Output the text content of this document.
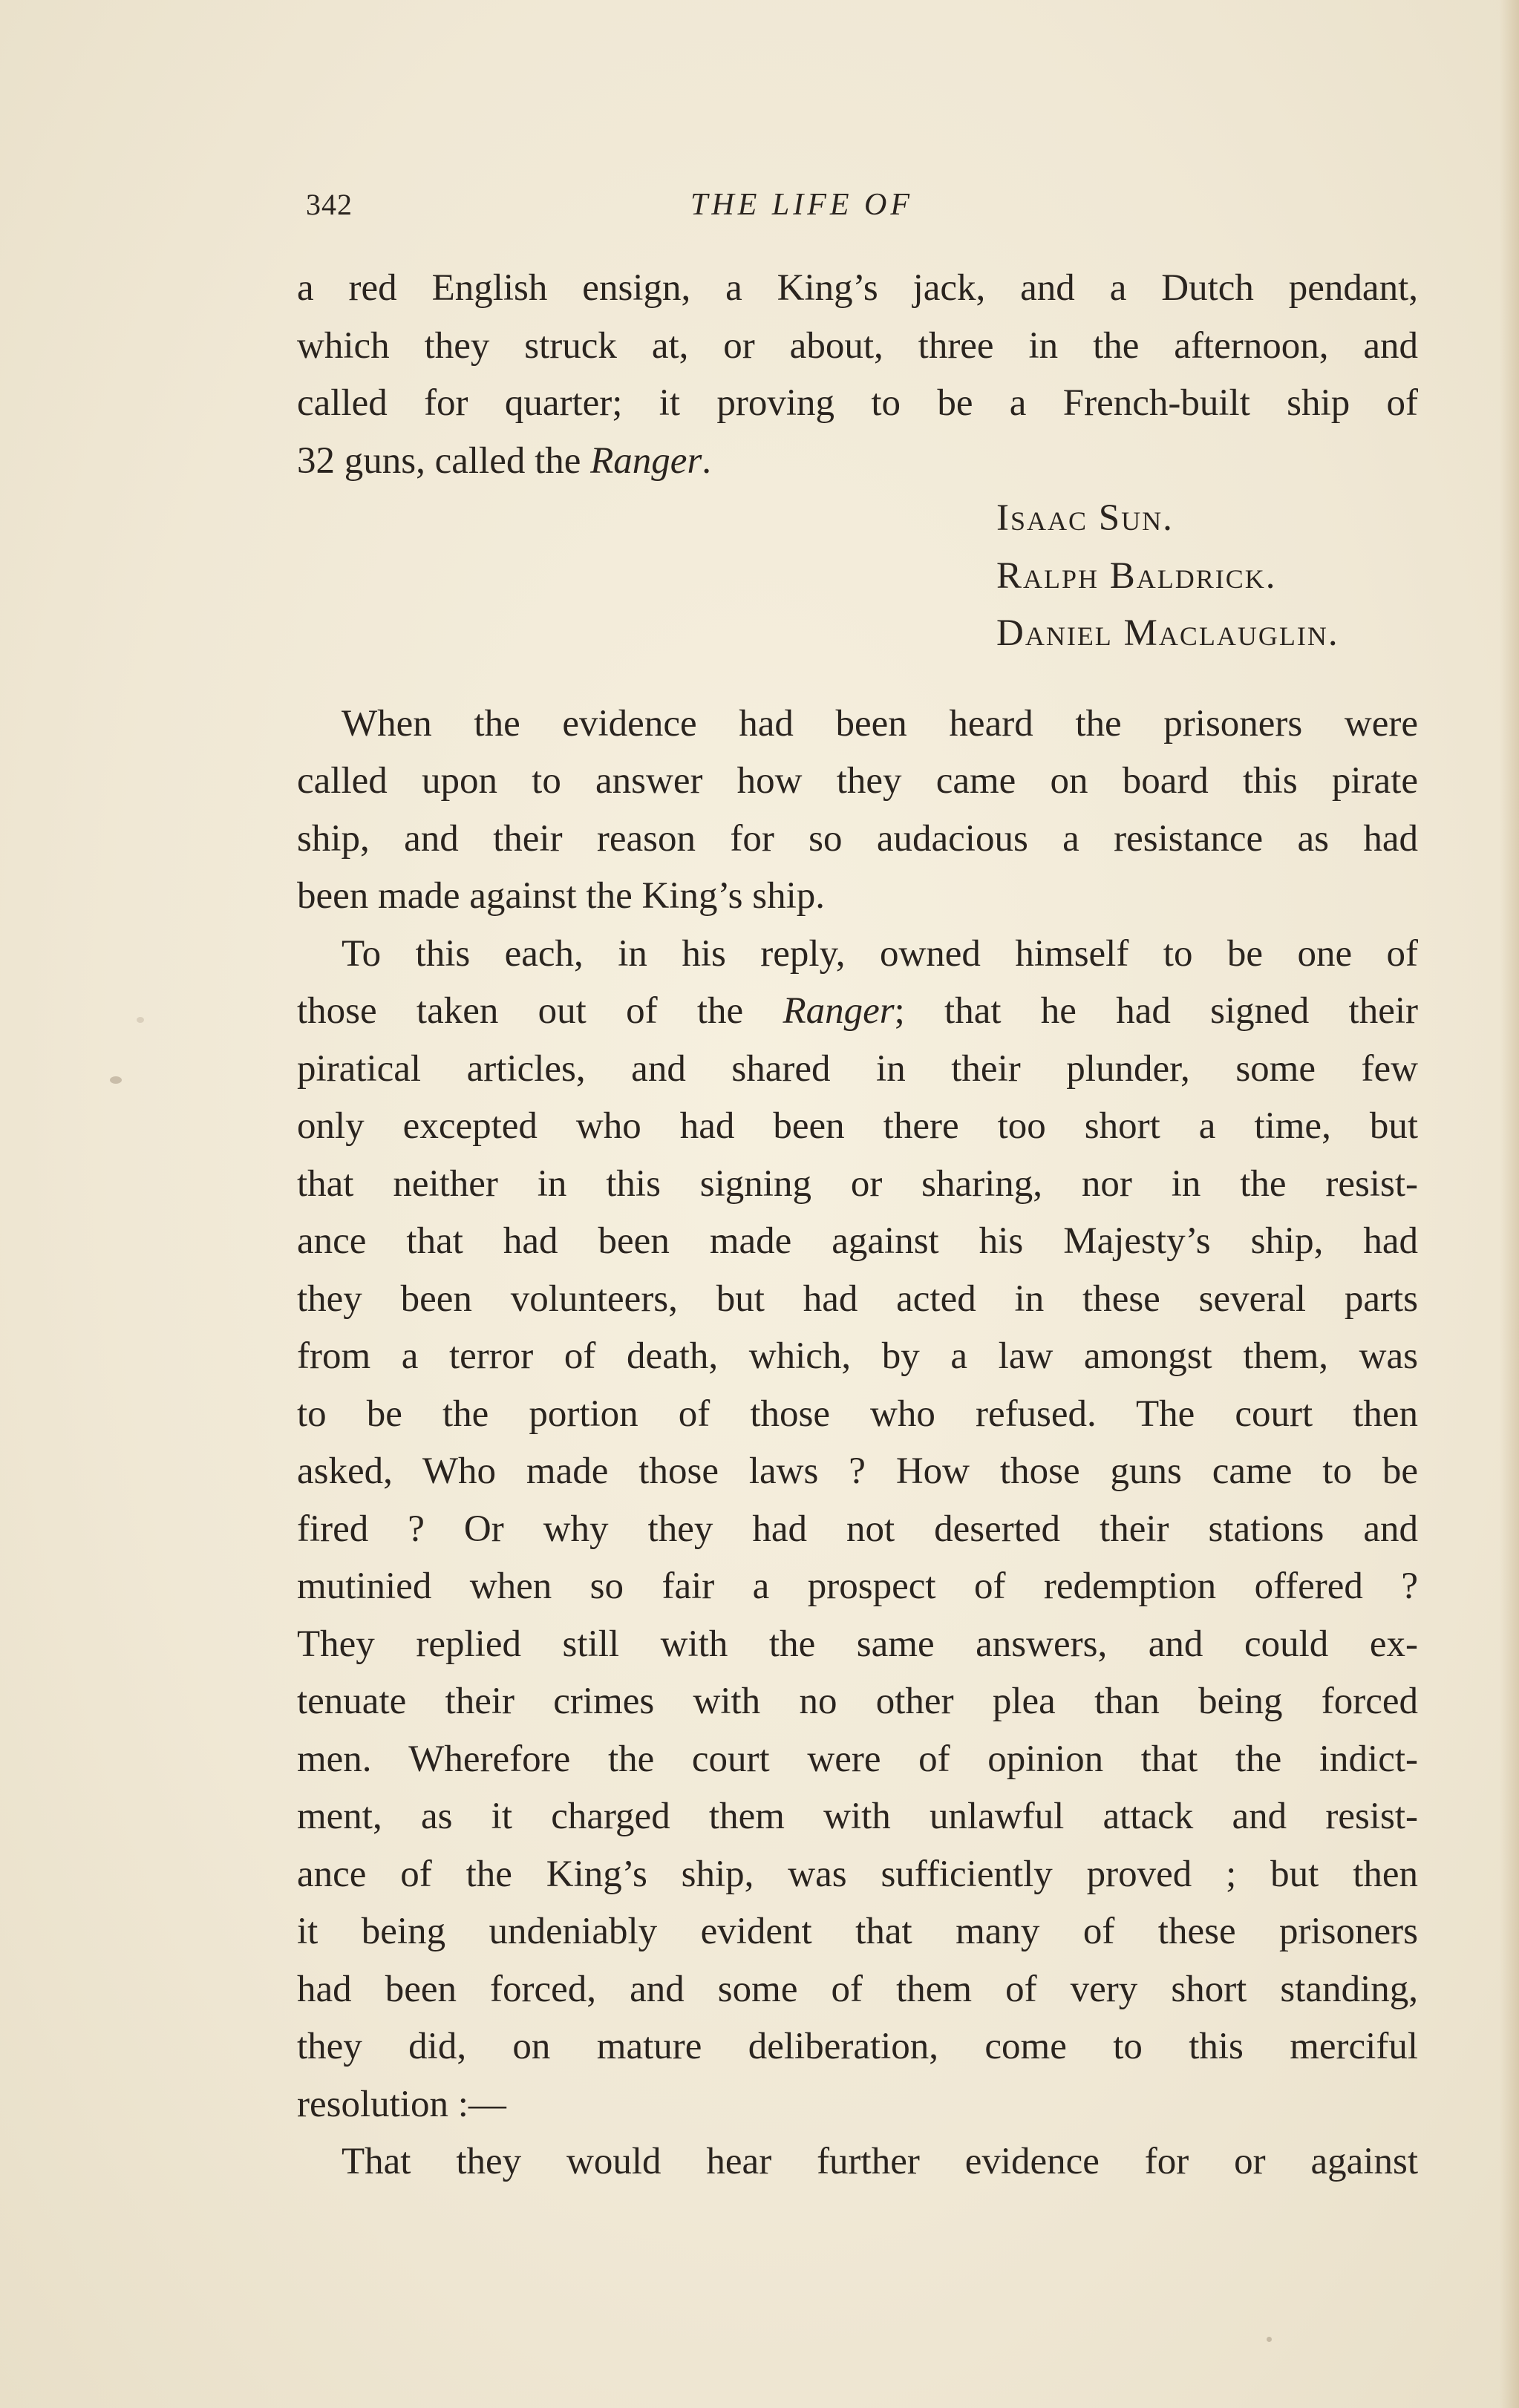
342	THE LIFE OF
a red English ensign, a King’s jack, and a Dutch pendant,
which they struck at, or about, three in the afternoon, and
called for quarter; it proving to be a French-built ship of
32 guns, called the Ranger.
Isaac Sun.
Ralph Baldrick.
Daniel Maclauglin.
When the evidence had been heard the prisoners were
called upon to answer how they came on board this pirate
ship, and their reason for so audacious a resistance as had
been made against the King’s ship.
To this each, in his reply, owned himself to be one of
those taken out of the Ranger; that he had signed their
piratical articles, and shared in their plunder, some few
only excepted who had been there too short a time, but
that neither in this signing or sharing, nor in the resist-
ance that had been made against his Majesty’s ship, had
they been volunteers, but had acted in these several parts
from a terror of death, which, by a law amongst them, was
to be the portion of those who refused. The court then
asked, Who made those laws ? How those guns came to be
fired ? Or why they had not deserted their stations and
mutinied when so fair a prospect of redemption offered ?
They replied still with the same answers, and could ex-
tenuate their crimes with no other plea than being forced
men. Wherefore the court were of opinion that the indict-
ment, as it charged them with unlawful attack and resist-
ance of the King’s ship, was sufficiently proved ; but then
it being undeniably evident that many of these prisoners
had been forced, and some of them of very short standing,
they did, on mature deliberation, come to this merciful
resolution :—
That they would hear further evidence for or against
